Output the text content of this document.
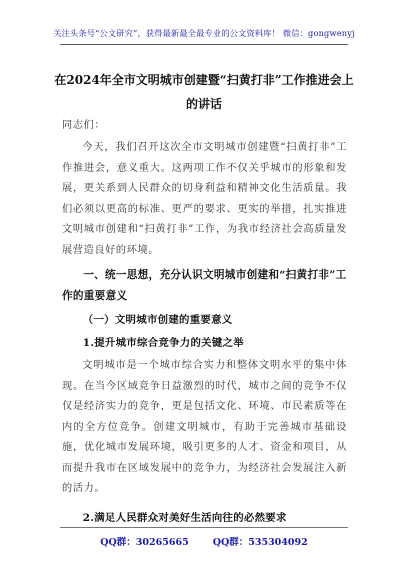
关注头条号“公文研究”，获得最新最全最专业的公文资料库！ 微信：gongwenyj
在2024年全市文明城市创建暨“扫黄打非”工作推进会上的讲话
同志们：
今天，我们召开这次全市文明城市创建暨“扫黄打非”工作推进会，意义重大。这两项工作不仅关乎城市的形象和发展，更关系到人民群众的切身利益和精神文化生活质量。我们必须以更高的标准、更严的要求、更实的举措，扎实推进文明城市创建和“扫黄打非”工作，为我市经济社会高质量发展营造良好的环境。
一、统一思想，充分认识文明城市创建和“扫黄打非”工作的重要意义
（一）文明城市创建的重要意义
1.提升城市综合竞争力的关键之举
文明城市是一个城市综合实力和整体文明水平的集中体现。在当今区域竞争日益激烈的时代，城市之间的竞争不仅仅是经济实力的竞争，更是包括文化、环境、市民素质等在内的全方位竞争。创建文明城市，有助于完善城市基础设施，优化城市发展环境，吸引更多的人才、资金和项目，从而提升我市在区域发展中的竞争力，为经济社会发展注入新的活力。
2.满足人民群众对美好生活向往的必然要求
QQ群：30265665	QQ群：535304092
